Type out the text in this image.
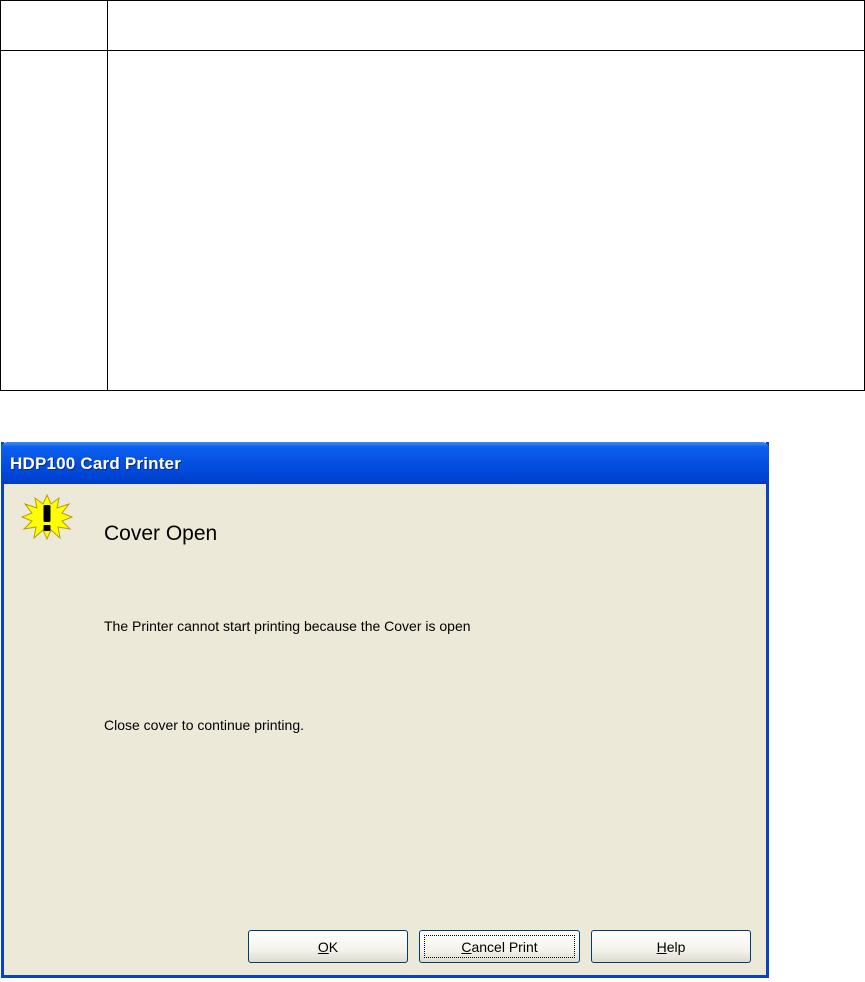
HDP100 Card Printer
Cover Open
The Printer cannot start printing because the Cover is open
Close cover to continue printing.
OK	Cancel Print	Help
